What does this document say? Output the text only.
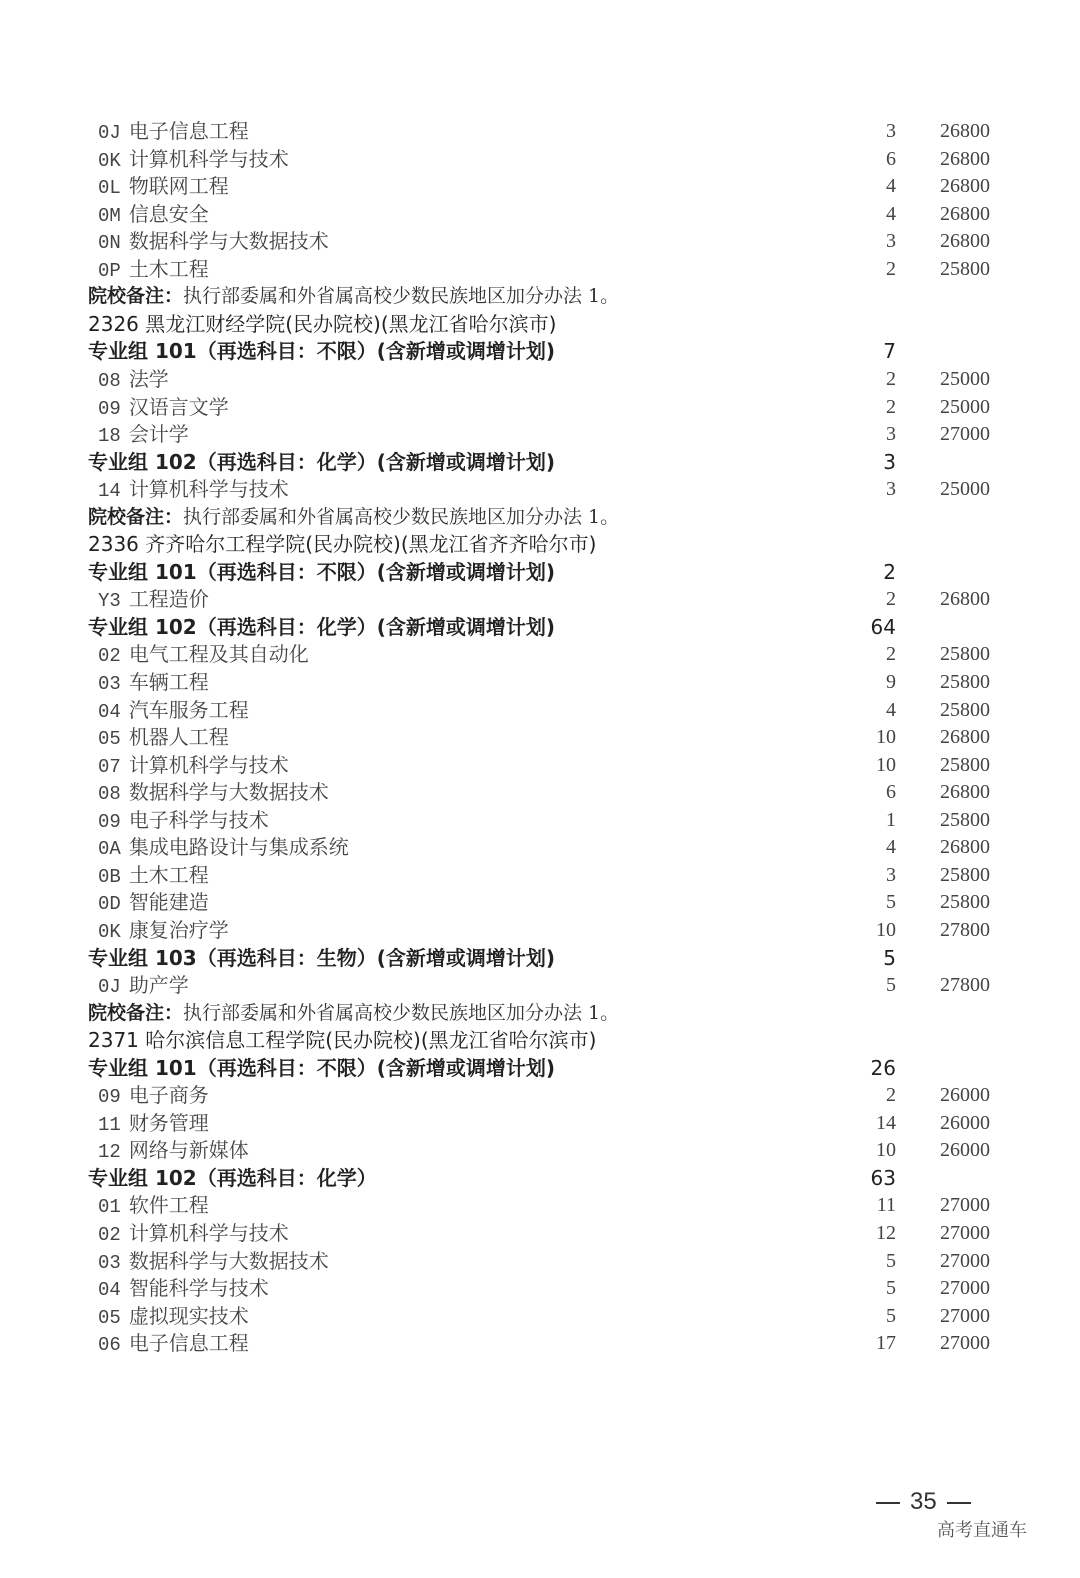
0J 电子信息工程	3	26800
0K 计算机科学与技术	6	26800
0L 物联网工程	4	26800
0M 信息安全	4	26800
0N 数据科学与大数据技术	3	26800
0P 土木工程	2	25800
院校备注：执行部委属和外省属高校少数民族地区加分办法 1。
2326 黑龙江财经学院(民办院校)(黑龙江省哈尔滨市)
专业组 101（再选科目：不限）(含新增或调增计划)	7
08 法学	2	25000
09 汉语言文学	2	25000
18 会计学	3	27000
专业组 102（再选科目：化学）(含新增或调增计划)	3
14 计算机科学与技术	3	25000
院校备注：执行部委属和外省属高校少数民族地区加分办法 1。
2336 齐齐哈尔工程学院(民办院校)(黑龙江省齐齐哈尔市)
专业组 101（再选科目：不限）(含新增或调增计划)	2
Y3 工程造价	2	26800
专业组 102（再选科目：化学）(含新增或调增计划)	64
02 电气工程及其自动化	2	25800
03 车辆工程	9	25800
04 汽车服务工程	4	25800
05 机器人工程	10	26800
07 计算机科学与技术	10	25800
08 数据科学与大数据技术	6	26800
09 电子科学与技术	1	25800
0A 集成电路设计与集成系统	4	26800
0B 土木工程	3	25800
0D 智能建造	5	25800
0K 康复治疗学	10	27800
专业组 103（再选科目：生物）(含新增或调增计划)	5
0J 助产学	5	27800
院校备注：执行部委属和外省属高校少数民族地区加分办法 1。
2371 哈尔滨信息工程学院(民办院校)(黑龙江省哈尔滨市)
专业组 101（再选科目：不限）(含新增或调增计划)	26
09 电子商务	2	26000
11 财务管理	14	26000
12 网络与新媒体	10	26000
专业组 102（再选科目：化学）	63
01 软件工程	11	27000
02 计算机科学与技术	12	27000
03 数据科学与大数据技术	5	27000
04 智能科学与技术	5	27000
05 虚拟现实技术	5	27000
06 电子信息工程	17	27000
35
高考直通车
